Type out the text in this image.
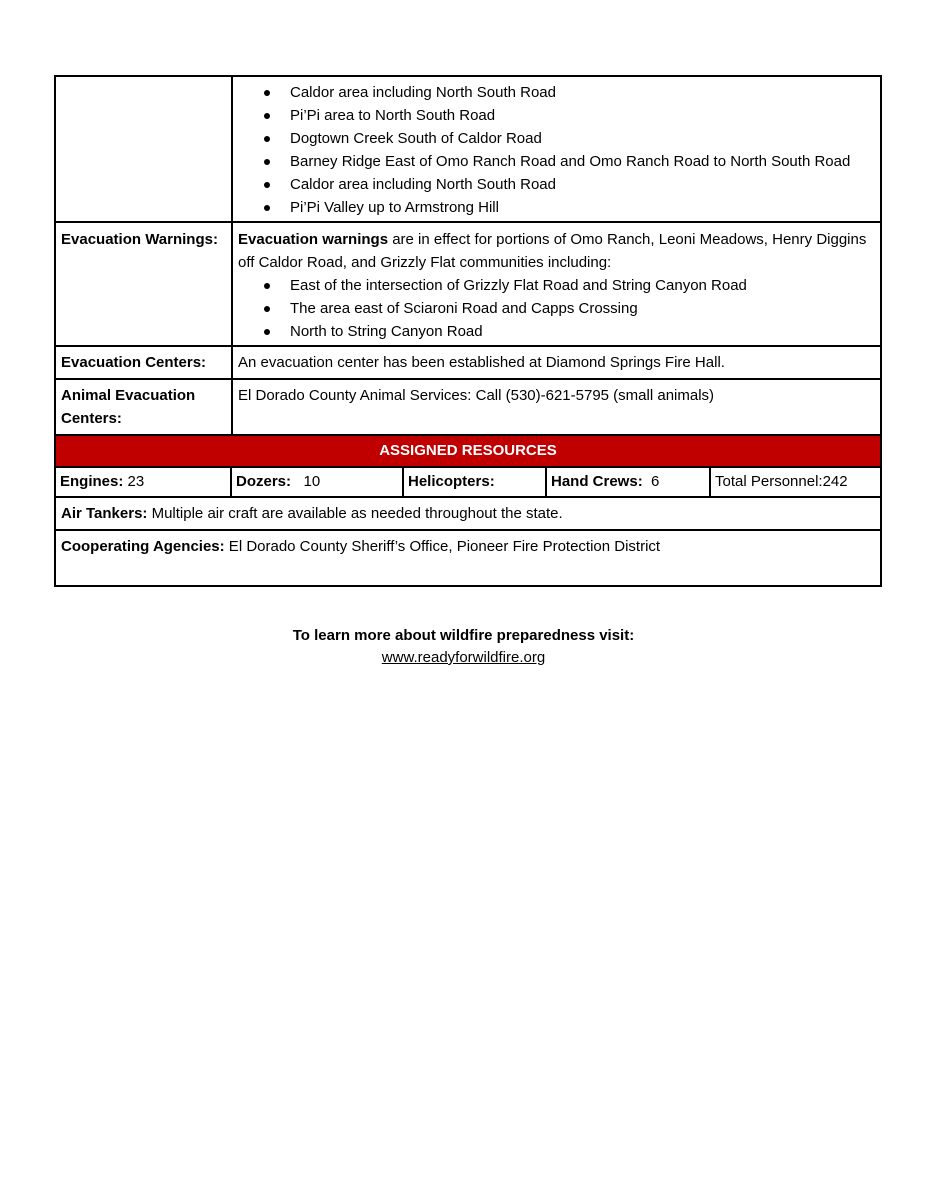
Caldor area including North South Road
Pi’Pi area to North South Road
Dogtown Creek South of Caldor Road
Barney Ridge East of Omo Ranch Road and Omo Ranch Road to North South Road
Caldor area including North South Road
Pi’Pi Valley up to Armstrong Hill

Evacuation Warnings:	Evacuation warnings are in effect for portions of Omo Ranch, Leoni Meadows, Henry Diggins off Caldor Road, and Grizzly Flat communities including:
East of the intersection of Grizzly Flat Road and String Canyon Road
The area east of Sciaroni Road and Capps Crossing
North to String Canyon Road

Evacuation Centers:	An evacuation center has been established at Diamond Springs Fire Hall.

Animal Evacuation
Centers:
	El Dorado County Animal Services: Call (530)-621-5795 (small animals)
ASSIGNED RESOURCES

Engines: 23	Dozers:   10	Helicopters:	Hand Crews:  6	Total Personnel:242

Air Tankers: Multiple air craft are available as needed throughout the state.
Cooperating Agencies: El Dorado County Sheriff’s Office, Pioneer Fire Protection District
To learn more about wildfire preparedness visit:
www.readyforwildfire.org
